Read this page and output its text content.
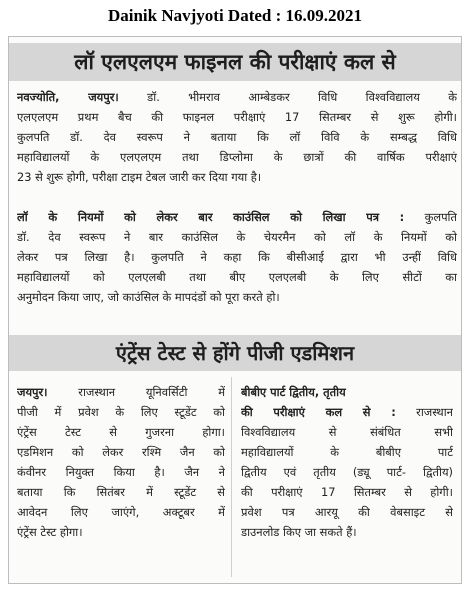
Dainik Navjyoti Dated : 16.09.2021
लॉ एलएलएम फाइनल की परीक्षाएं कल से
नवज्योति, जयपुर। डॉ. भीमराव आम्बेडकर विधि विश्वविद्यालय के
एलएलएम प्रथम बैच की फाइनल परीक्षाएं 17 सितम्बर से शुरू होगी।
कुलपति डॉ. देव स्वरूप ने बताया कि लॉ विवि के सम्बद्ध विधि
महाविद्यालयों के एलएलएम तथा डिप्लोमा के छात्रों की वार्षिक परीक्षाएं
23 से शुरू होगी, परीक्षा टाइम टेबल जारी कर दिया गया है।
लॉ के नियमों को लेकर बार काउंसिल को लिखा पत्र : कुलपति
डॉ. देव स्वरूप ने बार काउंसिल के चेयरमैन को लॉ के नियमों को
लेकर पत्र लिखा है। कुलपति ने कहा कि बीसीआई द्वारा भी उन्हीं विधि
महाविद्यालयों को एलएलबी तथा बीए एलएलबी के लिए सीटों का
अनुमोदन किया जाए, जो काउंसिल के मापदंडों को पूरा करते हो।
एंट्रेंस टेस्ट से होंगे पीजी एडमिशन
जयपुर।	राजस्थान यूनिवर्सिटी में
पीजी में प्रवेश के लिए स्टूडेंट को
एंट्रेंस टेस्ट से गुजरना होगा।
एडमिशन को लेकर रश्मि जैन को
कंवीनर नियुक्त किया है। जैन ने
बताया कि सितंबर में स्टूडेंट से
आवेदन लिए जाएंगे, अक्टूबर में
एंट्रेंस टेस्ट होगा।
बीबीए पार्ट द्वितीय, तृतीय
की परीक्षाएं कल से : राजस्थान
विश्वविद्यालय से संबंधित सभी
महाविद्यालयों के बीबीए पार्ट
द्वितीय एवं तृतीय (ड्यू पार्ट- द्वितीय)
की परीक्षाएं 17 सितम्बर से होगी।
प्रवेश पत्र आरयू की वेबसाइट से
डाउनलोड किए जा सकते हैं।
